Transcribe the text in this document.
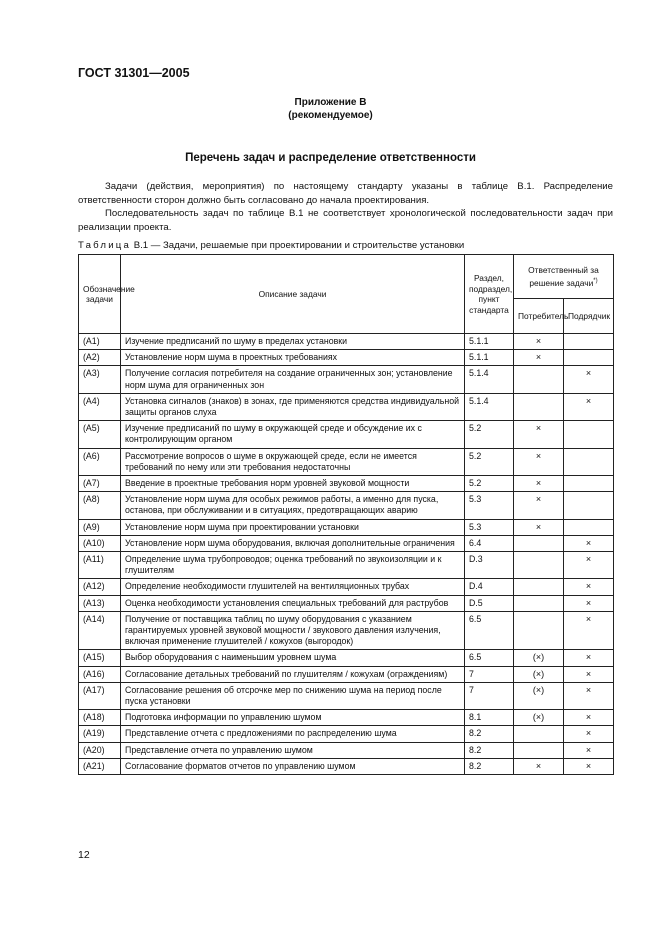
ГОСТ 31301—2005
Приложение В
(рекомендуемое)
Перечень задач и распределение ответственности
Задачи (действия, мероприятия) по настоящему стандарту указаны в таблице В.1. Распределение ответственности сторон должно быть согласовано до начала проектирования.
Последовательность задач по таблице В.1 не соответствует хронологической последовательности задач при реализации проекта.
Таблица В.1 — Задачи, решаемые при проектировании и строительстве установки
Обозначение задачи	Описание задачи	Раздел, подраздел, пункт стандарта	Ответственный за решение задачи*)
			Потребитель	Подрядчик
(A1)	Изучение предписаний по шуму в пределах установки	5.1.1	×	
(A2)	Установление норм шума в проектных требованиях	5.1.1	×	
(A3)	Получение согласия потребителя на создание ограниченных зон; установление норм шума для ограниченных зон	5.1.4		×
(A4)	Установка сигналов (знаков) в зонах, где применяются средства индивидуальной защиты органов слуха	5.1.4		×
(A5)	Изучение предписаний по шуму в окружающей среде и обсуждение их с контролирующим органом	5.2	×	
(A6)	Рассмотрение вопросов о шуме в окружающей среде, если не имеется требований по нему или эти требования недостаточны	5.2	×	
(A7)	Введение в проектные требования норм уровней звуковой мощности	5.2	×	
(A8)	Установление норм шума для особых режимов работы, а именно для пуска, останова, при обслуживании и в ситуациях, предотвращающих аварию	5.3	×	
(A9)	Установление норм шума при проектировании установки	5.3	×	
(A10)	Установление норм шума оборудования, включая дополнительные ограничения	6.4		×
(A11)	Определение шума трубопроводов; оценка требований по звукоизоляции и к глушителям	D.3		×
(A12)	Определение необходимости глушителей на вентиляционных трубах	D.4		×
(A13)	Оценка необходимости установления специальных требований для раструбов	D.5		×
(A14)	Получение от поставщика таблиц по шуму оборудования с указанием гарантируемых уровней звуковой мощности / звукового давления излучения, включая применение глушителей / кожухов (выгородок)	6.5		×
(A15)	Выбор оборудования с наименьшим уровнем шума	6.5	(×)	×
(A16)	Согласование детальных требований по глушителям / кожухам (ограждениям)	7	(×)	×
(A17)	Согласование решения об отсрочке мер по снижению шума на период после пуска установки	7	(×)	×
(A18)	Подготовка информации по управлению шумом	8.1	(×)	×
(A19)	Представление отчета с предложениями по распределению шума	8.2		×
(A20)	Представление отчета по управлению шумом	8.2		×
(A21)	Согласование форматов отчетов по управлению шумом	8.2	×	×
12
